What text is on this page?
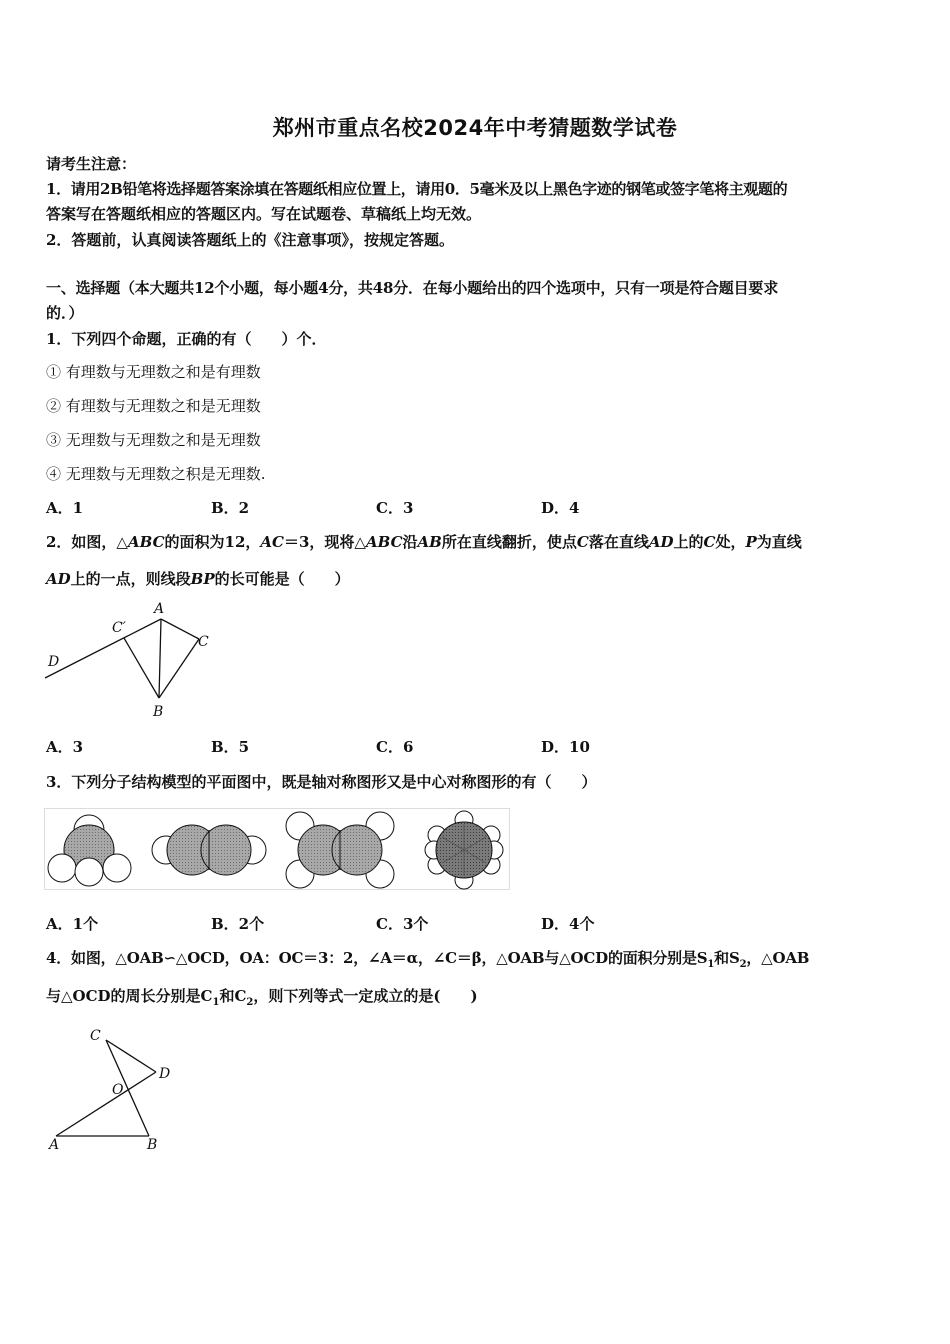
郑州市重点名校2024年中考猜题数学试卷
请考生注意：
1．请用2B铅笔将选择题答案涂填在答题纸相应位置上，请用0．5毫米及以上黑色字迹的钢笔或签字笔将主观题的
答案写在答题纸相应的答题区内。写在试题卷、草稿纸上均无效。
2．答题前，认真阅读答题纸上的《注意事项》，按规定答题。
一、选择题（本大题共12个小题，每小题4分，共48分．在每小题给出的四个选项中，只有一项是符合题目要求
的．）
1．下列四个命题，正确的有（　　）个．
① 有理数与无理数之和是有理数
② 有理数与无理数之和是无理数
③ 无理数与无理数之和是无理数
④ 无理数与无理数之积是无理数.
A．1	B．2	C．3	D．4
2．如图，△ABC的面积为12，AC＝3，现将△ABC沿AB所在直线翻折，使点C落在直线AD上的C处，P为直线
AD上的一点，则线段BP的长可能是（　　）
A
C′
C
D
B
A．3	B．5	C．6	D．10
3．下列分子结构模型的平面图中，既是轴对称图形又是中心对称图形的有（　　）
A．1个	B．2个	C．3个	D．4个
4．如图，△OAB∽△OCD，OA：OC＝3：2，∠A＝α，∠C＝β，△OAB与△OCD的面积分别是$S_1$和$S_2$，△OAB
与△OCD的周长分别是$C_1$和$C_2$，则下列等式一定成立的是(　　)
C
D
O
A	B
